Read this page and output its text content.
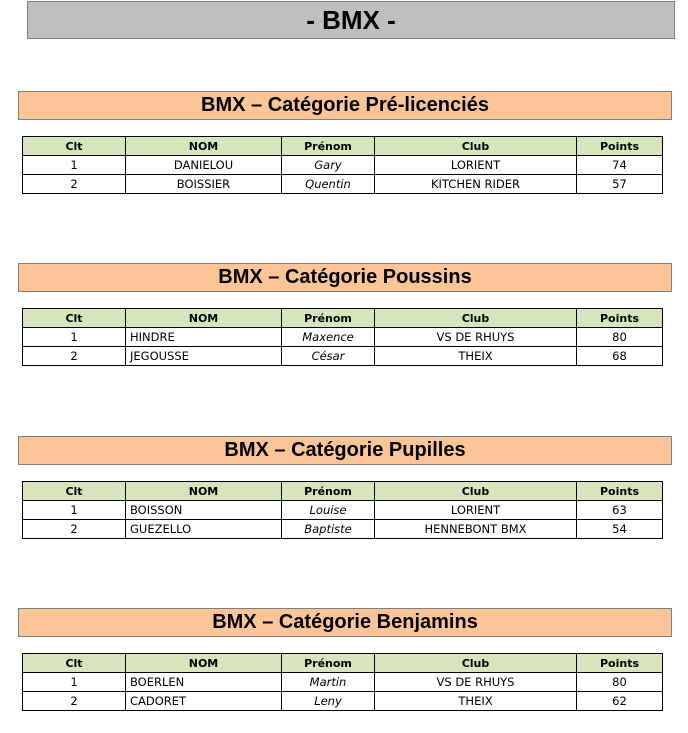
- BMX -
BMX – Catégorie Pré-licenciés
Clt	NOM	Prénom	Club	Points
1	DANIELOU	Gary	LORIENT	74
2	BOISSIER	Quentin	KITCHEN RIDER	57
BMX – Catégorie Poussins
Clt	NOM	Prénom	Club	Points
1	HINDRE	Maxence	VS DE RHUYS	80
2	JEGOUSSE	César	THEIX	68
BMX – Catégorie Pupilles
Clt	NOM	Prénom	Club	Points
1	BOISSON	Louise	LORIENT	63
2	GUEZELLO	Baptiste	HENNEBONT BMX	54
BMX – Catégorie Benjamins
Clt	NOM	Prénom	Club	Points
1	BOERLEN	Martin	VS DE RHUYS	80
2	CADORET	Leny	THEIX	62
